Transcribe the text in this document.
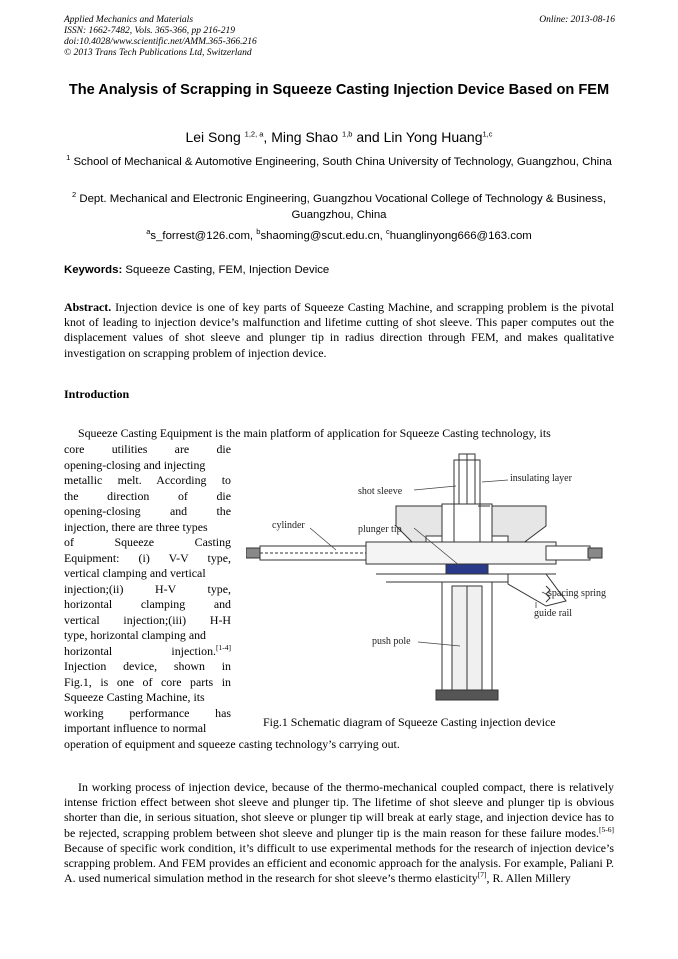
Applied Mechanics and Materials
ISSN: 1662-7482, Vols. 365-366, pp 216-219
doi:10.4028/www.scientific.net/AMM.365-366.216
© 2013 Trans Tech Publications Ltd, Switzerland
Online: 2013-08-16
The Analysis of Scrapping in Squeeze Casting Injection Device Based on FEM
Lei Song $^{1,2, a}$, Ming Shao $^{1,b}$ and Lin Yong Huang$^{1,c}$
$^1$ School of Mechanical & Automotive Engineering, South China University of Technology, Guangzhou, China
$^2$ Dept. Mechanical and Electronic Engineering, Guangzhou Vocational College of Technology & Business, Guangzhou, China
$^a$s_forrest@126.com, $^b$shaoming@scut.edu.cn, $^c$huanglinyong666@163.com
Keywords: Squeeze Casting, FEM, Injection Device
Abstract. Injection device is one of key parts of Squeeze Casting Machine, and scrapping problem is the pivotal knot of leading to injection device’s malfunction and lifetime cutting of shot sleeve. This paper computes out the displacement values of shot sleeve and plunger tip in radius direction through FEM, and makes qualitative investigation on scrapping problem of injection device.
Introduction
Squeeze Casting Equipment is the main platform of application for Squeeze Casting technology, its

core utilities are die

opening-closing and injecting

metallic melt. According to

the direction of die

opening-closing and the

injection, there are three types

of Squeeze Casting

Equipment: (i) V-V type,

vertical clamping and vertical

injection;(ii) H-V type,

horizontal clamping and

vertical injection;(iii) H-H

type, horizontal clamping and

horizontal injection.[1-4]

Injection device, shown in

Fig.1, is one of core parts in

Squeeze Casting Machine, its

working performance has

important influence to normal

insulating layer
shot sleeve
cylinder	plunger tip
spacing spring
guide rail
push pole
Fig.1 Schematic diagram of Squeeze Casting injection device
operation of equipment and squeeze casting technology’s carrying out.
In working process of injection device, because of the thermo-mechanical coupled compact, there is relatively intense friction effect between shot sleeve and plunger tip. The lifetime of shot sleeve and plunger tip is obvious shorter than die, in serious situation, shot sleeve or plunger tip will break at early stage, and injection device has to be rejected, scrapping problem between shot sleeve and plunger tip is the main reason for these failure modes.[5-6] Because of specific work condition, it’s difficult to use experimental methods for the research of injection device’s scrapping problem. And FEM provides an efficient and economic approach for the analysis. For example, Paliani P. A. used numerical simulation method in the research for shot sleeve’s thermo elasticity[7], R. Allen Millery
